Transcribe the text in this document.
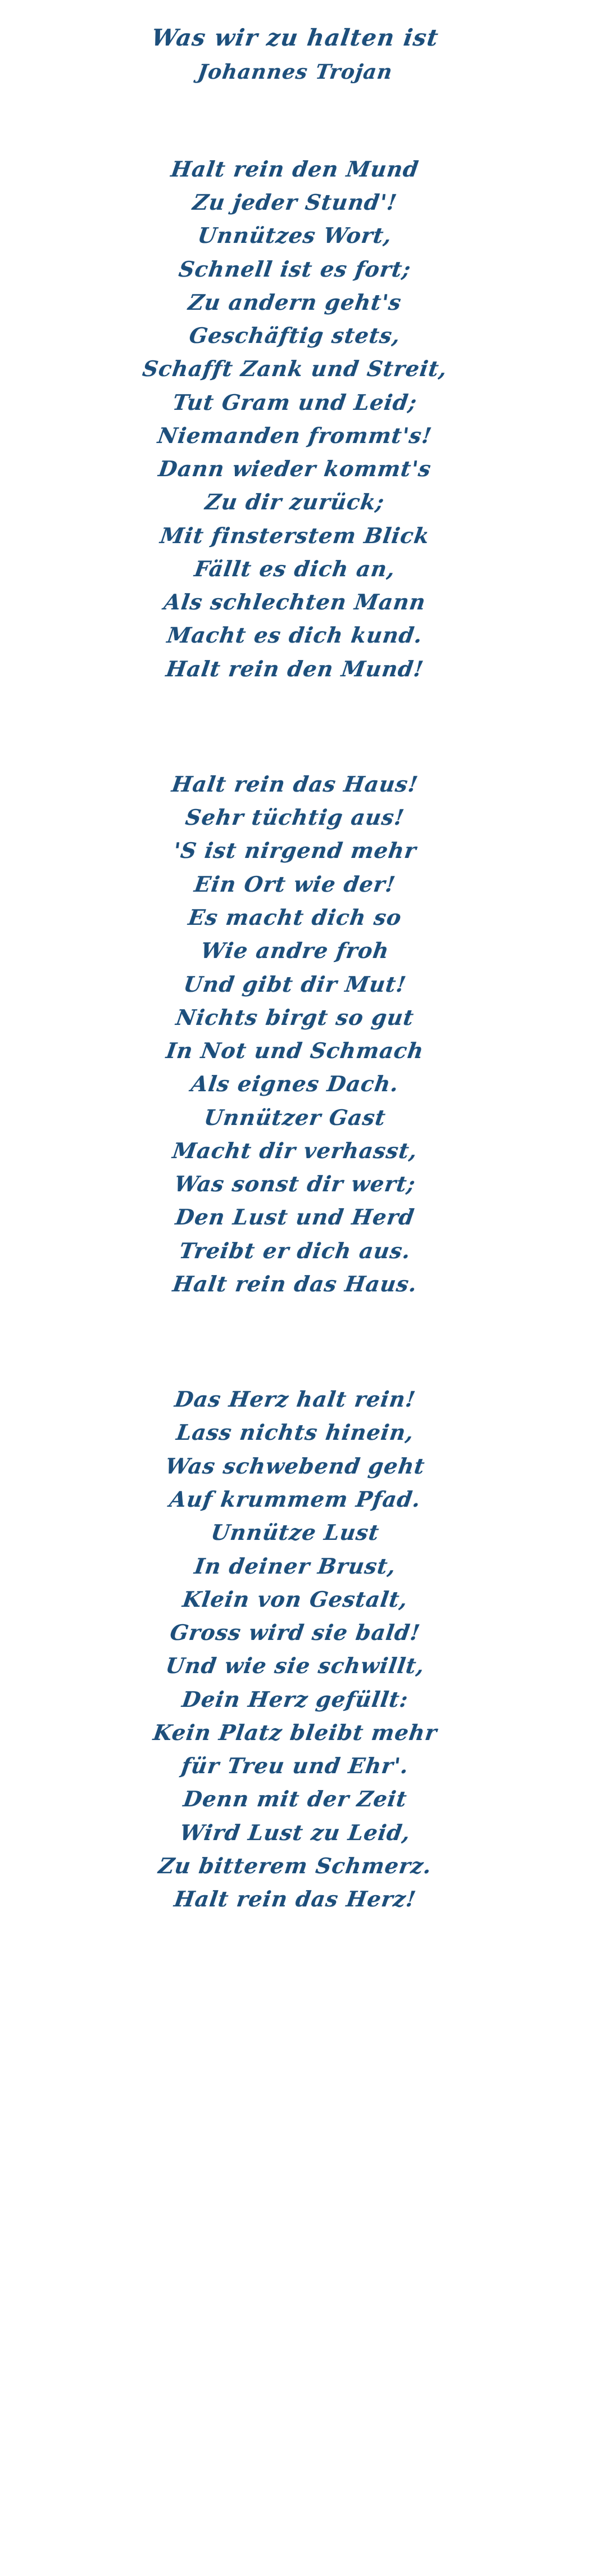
Was wir zu halten ist
Johannes Trojan
Halt rein den Mund
Zu jeder Stund'!
Unnützes Wort,
Schnell ist es fort;
Zu andern geht's
Geschäftig stets,
Schafft Zank und Streit,
Tut Gram und Leid;
Niemanden frommt's!
Dann wieder kommt's
Zu dir zurück;
Mit finsterstem Blick
Fällt es dich an,
Als schlechten Mann
Macht es dich kund.
Halt rein den Mund!
Halt rein das Haus!
Sehr tüchtig aus!
'S ist nirgend mehr
Ein Ort wie der!
Es macht dich so
Wie andre froh
Und gibt dir Mut!
Nichts birgt so gut
In Not und Schmach
Als eignes Dach.
Unnützer Gast
Macht dir verhasst,
Was sonst dir wert;
Den Lust und Herd
Treibt er dich aus.
Halt rein das Haus.
Das Herz halt rein!
Lass nichts hinein,
Was schwebend geht
Auf krummem Pfad.
Unnütze Lust
In deiner Brust,
Klein von Gestalt,
Gross wird sie bald!
Und wie sie schwillt,
Dein Herz gefüllt:
Kein Platz bleibt mehr
für Treu und Ehr'.
Denn mit der Zeit
Wird Lust zu Leid,
Zu bitterem Schmerz.
Halt rein das Herz!
